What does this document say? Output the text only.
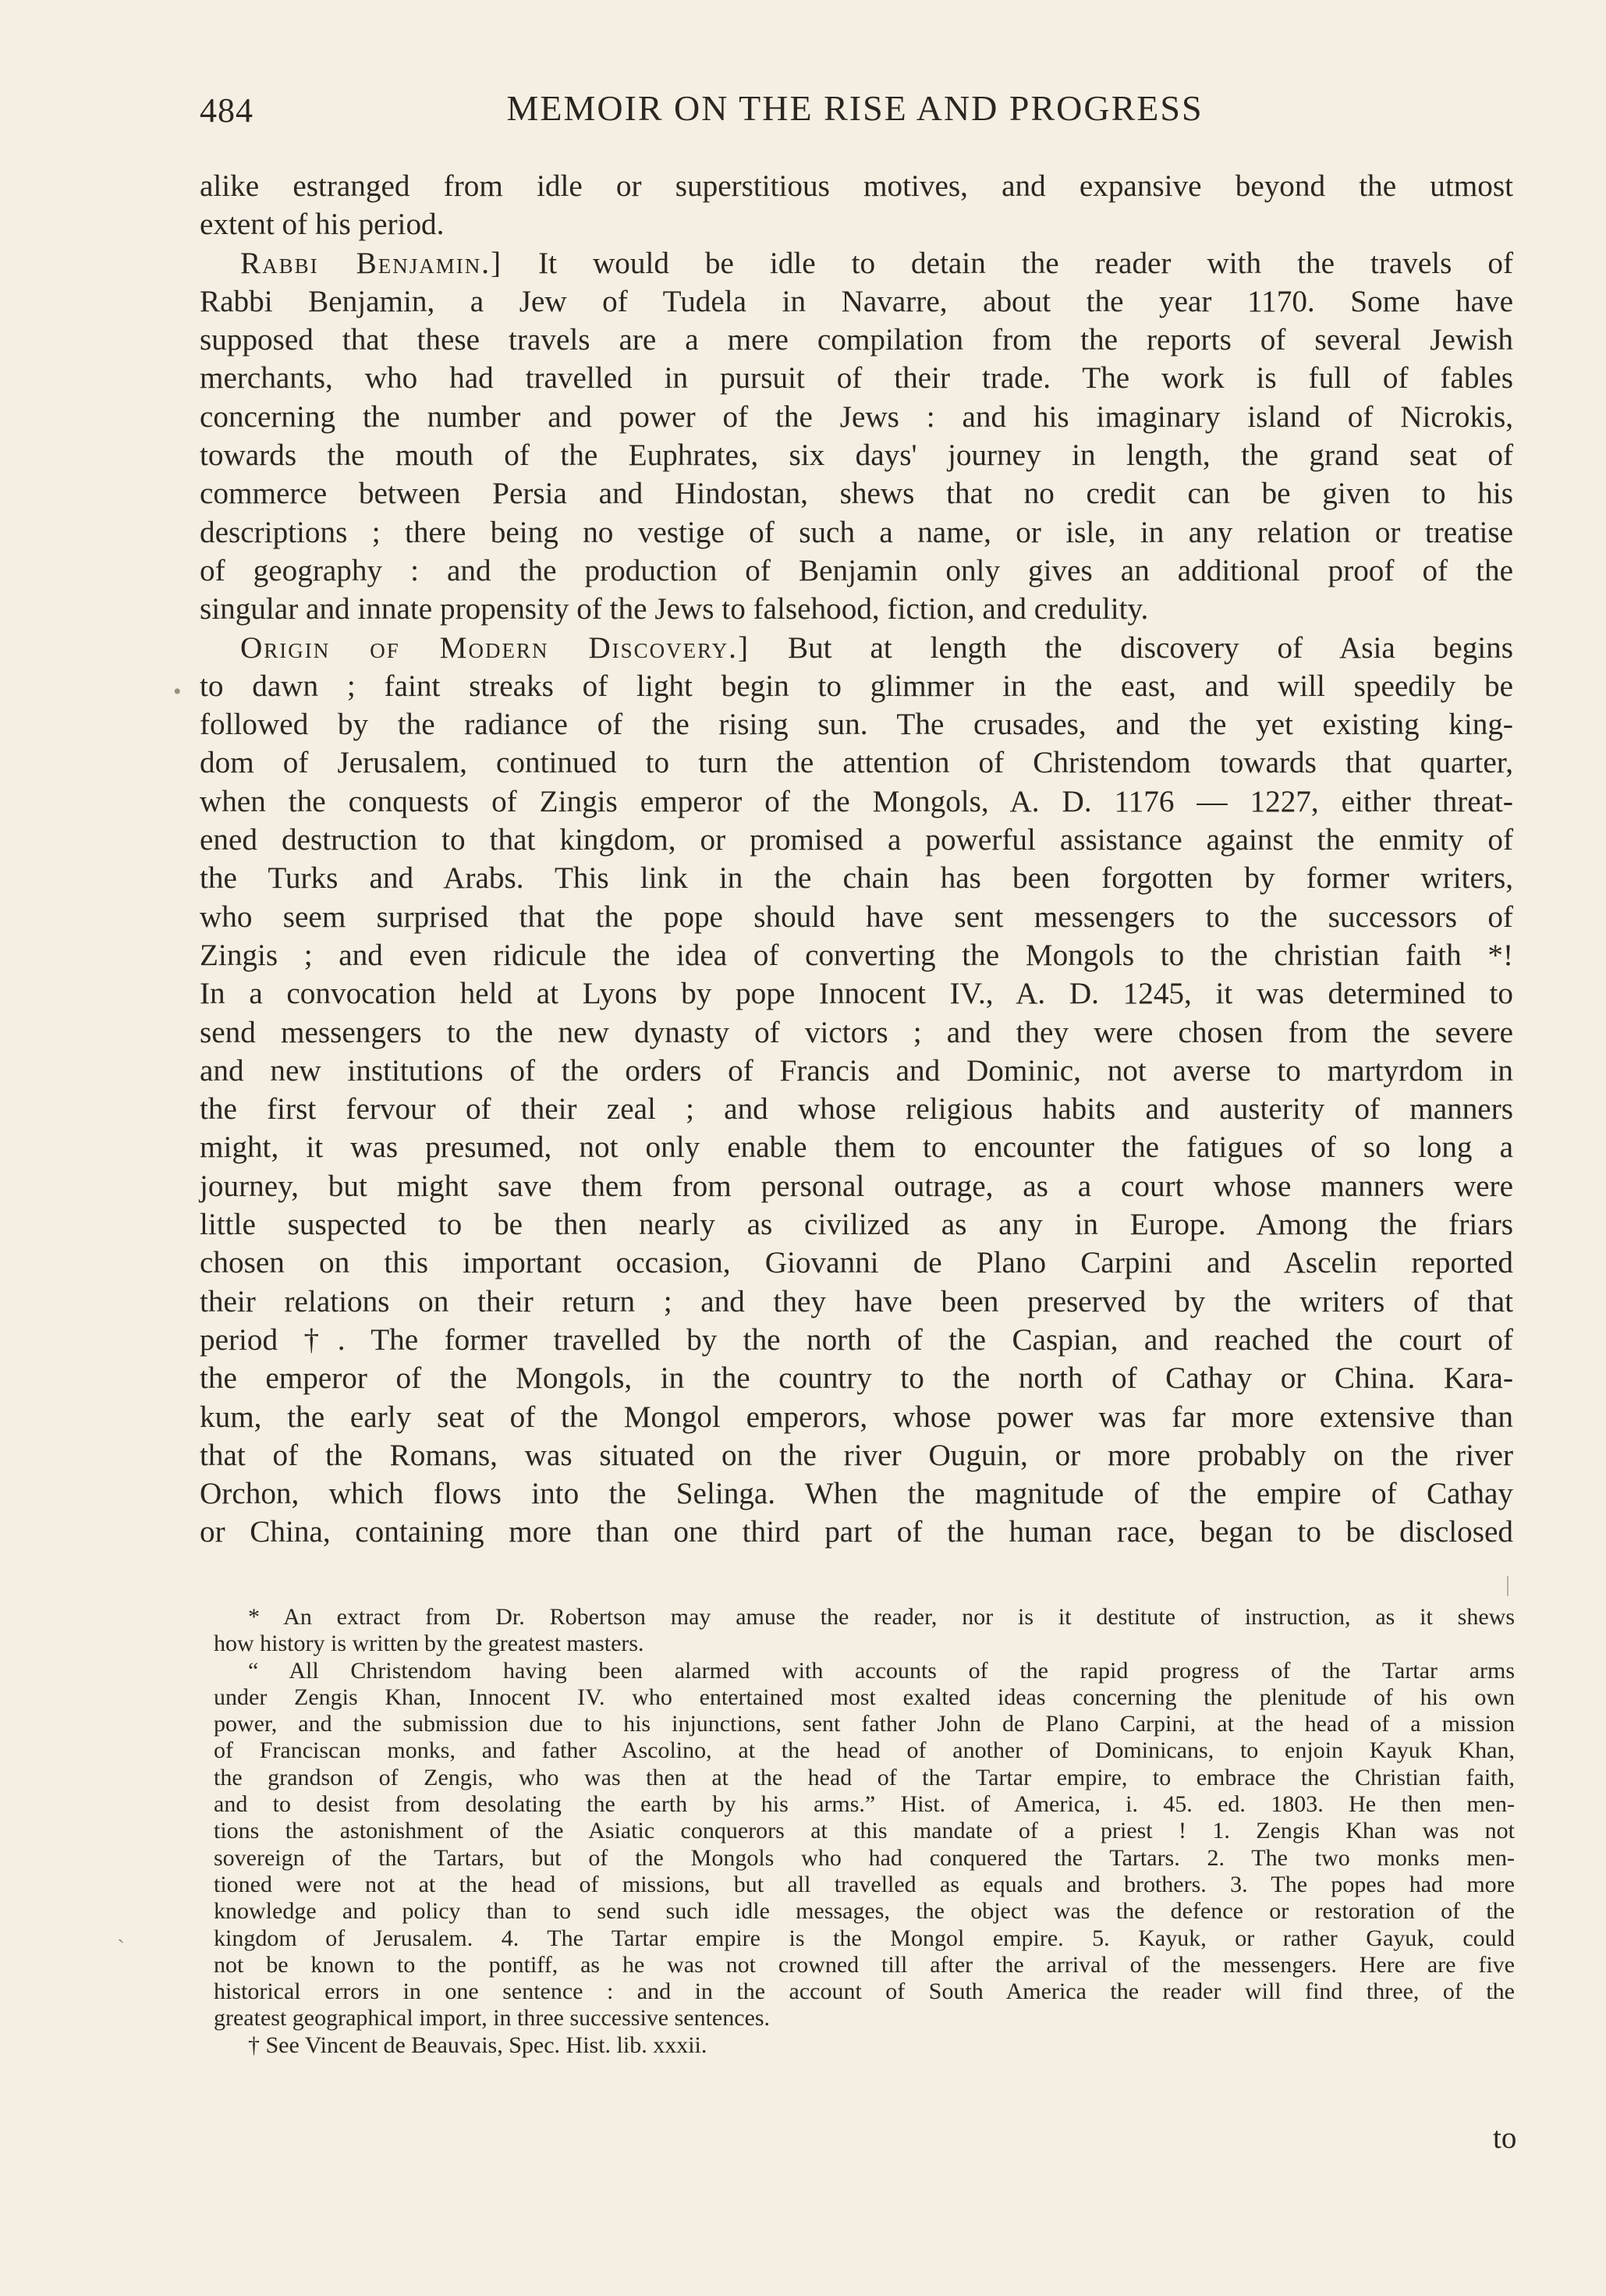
484	MEMOIR ON THE RISE AND PROGRESS
alike estranged from idle or superstitious motives, and expansive beyond the utmost
extent of his period.
Rabbi Benjamin.] It would be idle to detain the reader with the travels of
Rabbi Benjamin, a Jew of Tudela in Navarre, about the year 1170. Some have
supposed that these travels are a mere compilation from the reports of several Jewish
merchants, who had travelled in pursuit of their trade. The work is full of fables
concerning the number and power of the Jews : and his imaginary island of Nicrokis,
towards the mouth of the Euphrates, six days' journey in length, the grand seat of
commerce between Persia and Hindostan, shews that no credit can be given to his
descriptions ; there being no vestige of such a name, or isle, in any relation or treatise
of geography : and the production of Benjamin only gives an additional proof of the
singular and innate propensity of the Jews to falsehood, fiction, and credulity.
Origin of Modern Discovery.] But at length the discovery of Asia begins
to dawn ; faint streaks of light begin to glimmer in the east, and will speedily be
followed by the radiance of the rising sun. The crusades, and the yet existing king-
dom of Jerusalem, continued to turn the attention of Christendom towards that quarter,
when the conquests of Zingis emperor of the Mongols, A. D. 1176 — 1227, either threat-
ened destruction to that kingdom, or promised a powerful assistance against the enmity of
the Turks and Arabs. This link in the chain has been forgotten by former writers,
who seem surprised that the pope should have sent messengers to the successors of
Zingis ; and even ridicule the idea of converting the Mongols to the christian faith *!
In a convocation held at Lyons by pope Innocent IV., A. D. 1245, it was determined to
send messengers to the new dynasty of victors ; and they were chosen from the severe
and new institutions of the orders of Francis and Dominic, not averse to martyrdom in
the first fervour of their zeal ; and whose religious habits and austerity of manners
might, it was presumed, not only enable them to encounter the fatigues of so long a
journey, but might save them from personal outrage, as a court whose manners were
little suspected to be then nearly as civilized as any in Europe. Among the friars
chosen on this important occasion, Giovanni de Plano Carpini and Ascelin reported
their relations on their return ; and they have been preserved by the writers of that
period †. The former travelled by the north of the Caspian, and reached the court of
the emperor of the Mongols, in the country to the north of Cathay or China. Kara-
kum, the early seat of the Mongol emperors, whose power was far more extensive than
that of the Romans, was situated on the river Ouguin, or more probably on the river
Orchon, which flows into the Selinga. When the magnitude of the empire of Cathay
or China, containing more than one third part of the human race, began to be disclosed
* An extract from Dr. Robertson may amuse the reader, nor is it destitute of instruction, as it shews
how history is written by the greatest masters.
“ All Christendom having been alarmed with accounts of the rapid progress of the Tartar arms
under Zengis Khan, Innocent IV. who entertained most exalted ideas concerning the plenitude of his own
power, and the submission due to his injunctions, sent father John de Plano Carpini, at the head of a mission
of Franciscan monks, and father Ascolino, at the head of another of Dominicans, to enjoin Kayuk Khan,
the grandson of Zengis, who was then at the head of the Tartar empire, to embrace the Christian faith,
and to desist from desolating the earth by his arms.” Hist. of America, i. 45. ed. 1803. He then men-
tions the astonishment of the Asiatic conquerors at this mandate of a priest ! 1. Zengis Khan was not
sovereign of the Tartars, but of the Mongols who had conquered the Tartars. 2. The two monks men-
tioned were not at the head of missions, but all travelled as equals and brothers. 3. The popes had more
knowledge and policy than to send such idle messages, the object was the defence or restoration of the
kingdom of Jerusalem. 4. The Tartar empire is the Mongol empire. 5. Kayuk, or rather Gayuk, could
not be known to the pontiff, as he was not crowned till after the arrival of the messengers. Here are five
historical errors in one sentence : and in the account of South America the reader will find three, of the
greatest geographical import, in three successive sentences.
† See Vincent de Beauvais, Spec. Hist. lib. xxxii.
to
•
ˎ
